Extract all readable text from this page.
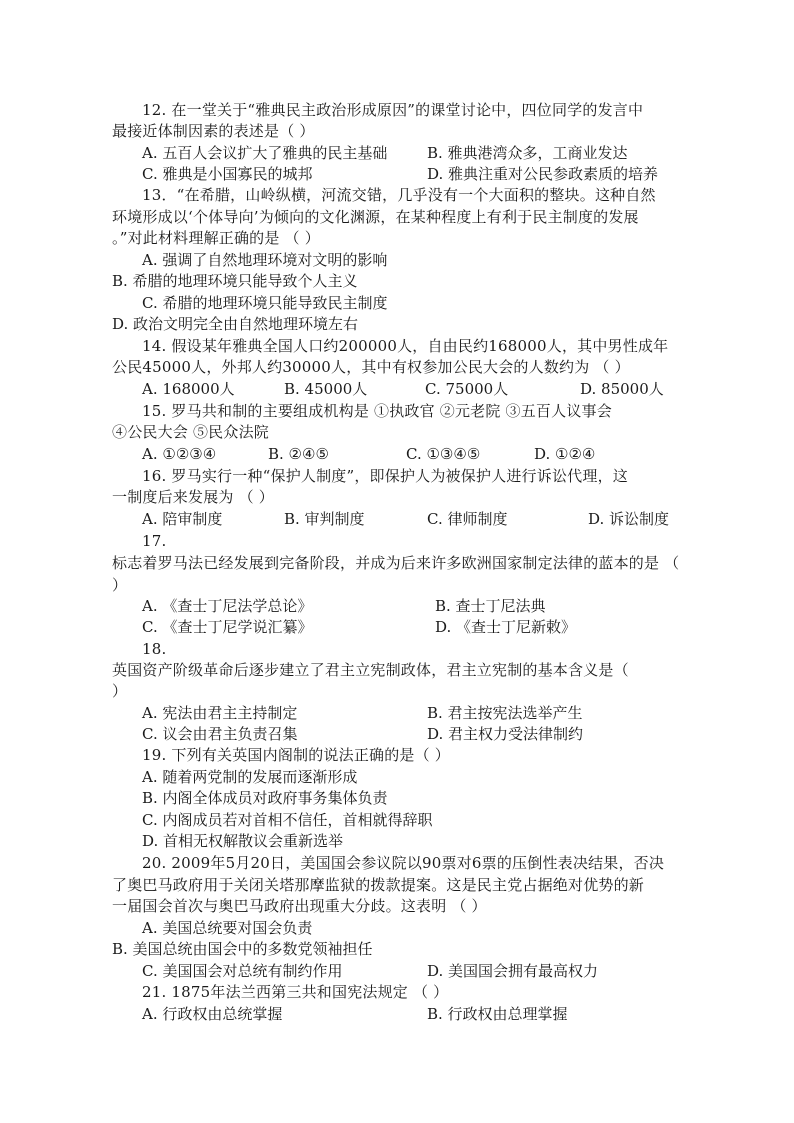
12. 在一堂关于“雅典民主政治形成原因”的课堂讨论中，四位同学的发言中
最接近体制因素的表述是（ ）
A. 五百人会议扩大了雅典的民主基础	B. 雅典港湾众多，工商业发达
C. 雅典是小国寡民的城邦	D. 雅典注重对公民参政素质的培养
13．“在希腊，山岭纵横，河流交错，几乎没有一个大面积的整块。这种自然
环境形成以‘个体导向’为倾向的文化渊源，在某种程度上有利于民主制度的发展
。”对此材料理解正确的是 （ ）
A. 强调了自然地理环境对文明的影响
B. 希腊的地理环境只能导致个人主义
C. 希腊的地理环境只能导致民主制度
D. 政治文明完全由自然地理环境左右
14. 假设某年雅典全国人口约200000人，自由民约168000人，其中男性成年
公民45000人，外邦人约30000人，其中有权参加公民大会的人数约为 （ ）
A. 168000人	B. 45000人	C. 75000人	D. 85000人
15. 罗马共和制的主要组成机构是 ①执政官 ②元老院 ③五百人议事会
④公民大会 ⑤民众法院
A. ①②③④	B. ②④⑤	C. ①③④⑤	D. ①②④
16. 罗马实行一种“保护人制度”，即保护人为被保护人进行诉讼代理，这
一制度后来发展为 （ ）
A. 陪审制度	B. 审判制度	C. 律师制度	D. 诉讼制度
17.
标志着罗马法已经发展到完备阶段，并成为后来许多欧洲国家制定法律的蓝本的是 （ ）
A. 《查士丁尼法学总论》	B. 查士丁尼法典
C. 《查士丁尼学说汇纂》	D. 《查士丁尼新敕》
18.
英国资产阶级革命后逐步建立了君主立宪制政体，君主立宪制的基本含义是（
）
A. 宪法由君主主持制定	B. 君主按宪法选举产生
C. 议会由君主负责召集	D. 君主权力受法律制约
19. 下列有关英国内阁制的说法正确的是（ ）
A. 随着两党制的发展而逐渐形成
B. 内阁全体成员对政府事务集体负责
C. 内阁成员若对首相不信任，首相就得辞职
D. 首相无权解散议会重新选举
20. 2009年5月20日，美国国会参议院以90票对6票的压倒性表决结果，否决
了奥巴马政府用于关闭关塔那摩监狱的拨款提案。这是民主党占据绝对优势的新
一届国会首次与奥巴马政府出现重大分歧。这表明 （ ）
A. 美国总统要对国会负责
B. 美国总统由国会中的多数党领袖担任
C. 美国国会对总统有制约作用	D. 美国国会拥有最高权力
21. 1875年法兰西第三共和国宪法规定 （ ）
A. 行政权由总统掌握	B. 行政权由总理掌握
